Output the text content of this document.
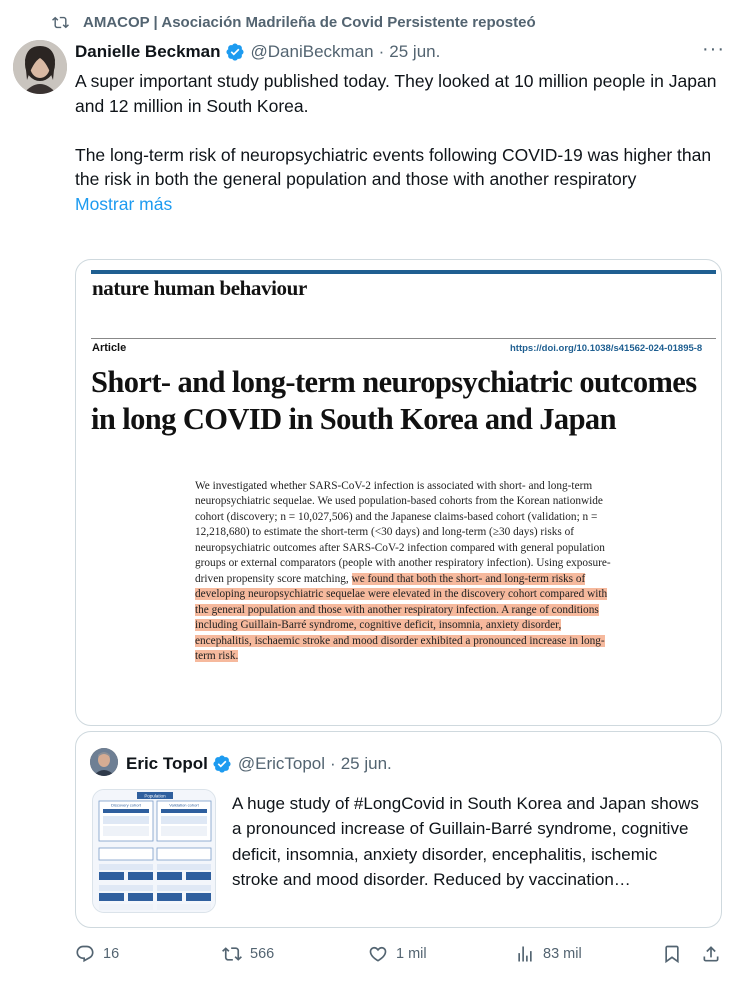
AMACOP | Asociación Madrileña de Covid Persistente reposteó
Danielle Beckman @DaniBeckman · 25 jun.	···

A super important study published today. They looked at 10 million people in Japan and 12 million in South Korea.

The long-term risk of neuropsychiatric events following COVID-19 was higher than the risk in both the general population and those with another respiratory

Mostrar más

nature human behaviour
Article	https://doi.org/10.1038/s41562-024-01895-8
Short- and long-term neuropsychiatric outcomes in long COVID in South Korea and Japan
We investigated whether SARS-CoV-2 infection is associated with short- and long-term neuropsychiatric sequelae. We used population-based cohorts from the Korean nationwide cohort (discovery; n = 10,027,506) and the Japanese claims-based cohort (validation; n = 12,218,680) to estimate the short-term (<30 days) and long-term (≥30 days) risks of neuropsychiatric outcomes after SARS-CoV-2 infection compared with general population groups or external comparators (people with another respiratory infection). Using exposure-driven propensity score matching, we found that both the short- and long-term risks of developing neuropsychiatric sequelae were elevated in the discovery cohort compared with the general population and those with another respiratory infection. A range of conditions including Guillain-Barré syndrome, cognitive deficit, insomnia, anxiety disorder, encephalitis, ischaemic stroke and mood disorder exhibited a pronounced increase in long-term risk.
Eric Topol @EricTopol · 25 jun.
Population
Discovery cohort	Validation cohort A huge study of #LongCovid in South Korea and Japan shows a pronounced increase of Guillain-Barré syndrome, cognitive deficit, insomnia, anxiety disorder, encephalitis, ischemic stroke and mood disorder. Reduced by vaccination…
16	566	1 mil	83 mil
